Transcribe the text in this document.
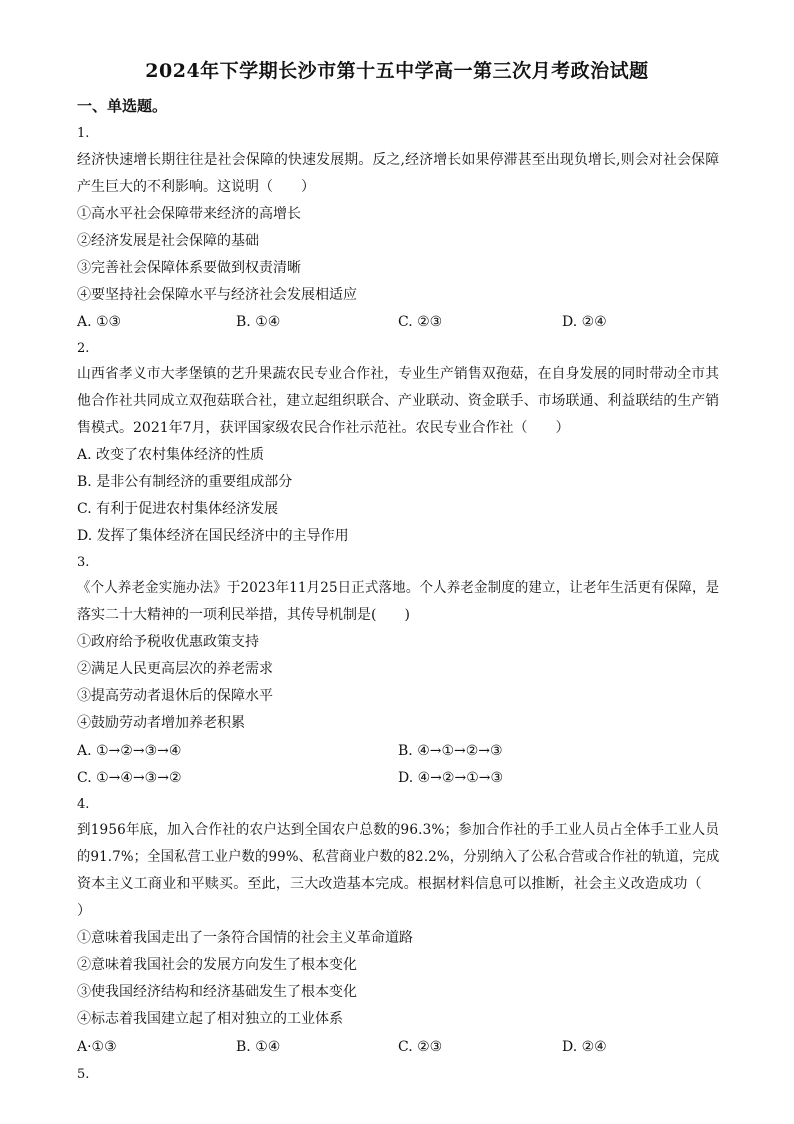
2024年下学期长沙市第十五中学高一第三次月考政治试题
一、单选题。
1.
经济快速增长期往往是社会保障的快速发展期。反之,经济增长如果停滞甚至出现负增长,则会对社会保障
产生巨大的不利影响。这说明（　　）
①高水平社会保障带来经济的高增长
②经济发展是社会保障的基础
③完善社会保障体系要做到权责清晰
④要坚持社会保障水平与经济社会发展相适应
A. ①③	B. ①④	C. ②③	D. ②④
2.
山西省孝义市大孝堡镇的艺升果蔬农民专业合作社，专业生产销售双孢菇，在自身发展的同时带动全市其
他合作社共同成立双孢菇联合社，建立起组织联合、产业联动、资金联手、市场联通、利益联结的生产销
售模式。2021年7月，获评国家级农民合作社示范社。农民专业合作社（　　）
A. 改变了农村集体经济的性质
B. 是非公有制经济的重要组成部分
C. 有利于促进农村集体经济发展
D. 发挥了集体经济在国民经济中的主导作用
3.
《个人养老金实施办法》于2023年11月25日正式落地。个人养老金制度的建立，让老年生活更有保障，是
落实二十大精神的一项利民举措，其传导机制是(　　)
①政府给予税收优惠政策支持
②满足人民更高层次的养老需求
③提高劳动者退休后的保障水平
④鼓励劳动者增加养老积累
A. ①→②→③→④	B. ④→①→②→③
C. ①→④→③→②	D. ④→②→①→③
4.
到1956年底，加入合作社的农户达到全国农户总数的96.3%；参加合作社的手工业人员占全体手工业人员
的91.7%；全国私营工业户数的99%、私营商业户数的82.2%，分别纳入了公私合营或合作社的轨道，完成
资本主义工商业和平赎买。至此，三大改造基本完成。根据材料信息可以推断，社会主义改造成功（
）
①意味着我国走出了一条符合国情的社会主义革命道路
②意味着我国社会的发展方向发生了根本变化
③使我国经济结构和经济基础发生了根本变化
④标志着我国建立起了相对独立的工业体系
A·①③	B. ①④	C. ②③	D. ②④
5.
